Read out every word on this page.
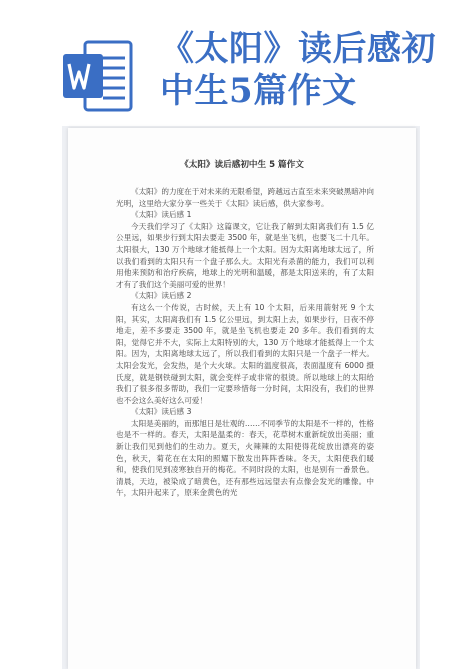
《太阳》读后感初
中生5篇作文
《太阳》读后感初中生 5 篇作文

《太阳》的力度在于对未来的无限希望，跨越远古直至未来突破黑暗冲向光明，这里给大家分享一些关于《太阳》读后感，供大家参考。

《太阳》读后感 1

今天我们学习了《太阳》这篇课文，它让我了解到太阳离我们有 1.5 亿公里远，如果步行到太阳去要走 3500 年，就是坐飞机，也要飞二十几年。太阳很大，130 万个地球才能抵得上一个太阳。因为太阳离地球太远了，所以我们看到的太阳只有一个盘子那么大。太阳光有杀菌的能力，我们可以利用他来预防和治疗疾病，地球上的光明和温暖，都是太阳送来的，有了太阳才有了我们这个美丽可爱的世界！

《太阳》读后感 2

有这么一个传说，古时候，天上有 10 个太阳，后来用箭射死 9 个太阳，其实，太阳离我们有 1.5 亿公里远，到太阳上去，如果步行，日夜不停地走，差不多要走 3500 年，就是坐飞机也要走 20 多年。我们看到的太阳，觉得它并不大，实际上太阳特别的大，130 万个地球才能抵得上一个太阳。因为，太阳离地球太远了，所以我们看到的太阳只是一个盘子一样大。太阳会发光，会发热，是个大火球。太阳的温度很高，表面温度有 6000 摄氏度，就是钢铁碰到太阳，就会变样子或非常的很烫。所以地球上的太阳给我们了很多很多帮助，我们一定要珍惜每一分时间，太阳没有，我们的世界也不会这么美好这么可爱！

《太阳》读后感 3

太阳是美丽的，而那旭日是壮观的……不同季节的太阳是不一样的，性格也是不一样的。春天，太阳是温柔的：春天，花草树木重新绽放出美丽；重新让我们见到他们的生动力。夏天，火辣辣的太阳使得花绽放出漂亮的姿色，秋天，菊花在在太阳的照耀下散发出阵阵香味。冬天，太阳使我们暖和，使我们见到凌寒独自开的梅花。不同时段的太阳，也是别有一番景色。清晨，天边，被染成了暗黄色，还有那些远远望去有点像会发光的雕像。中午，太阳升起来了，原来金黄色的光
